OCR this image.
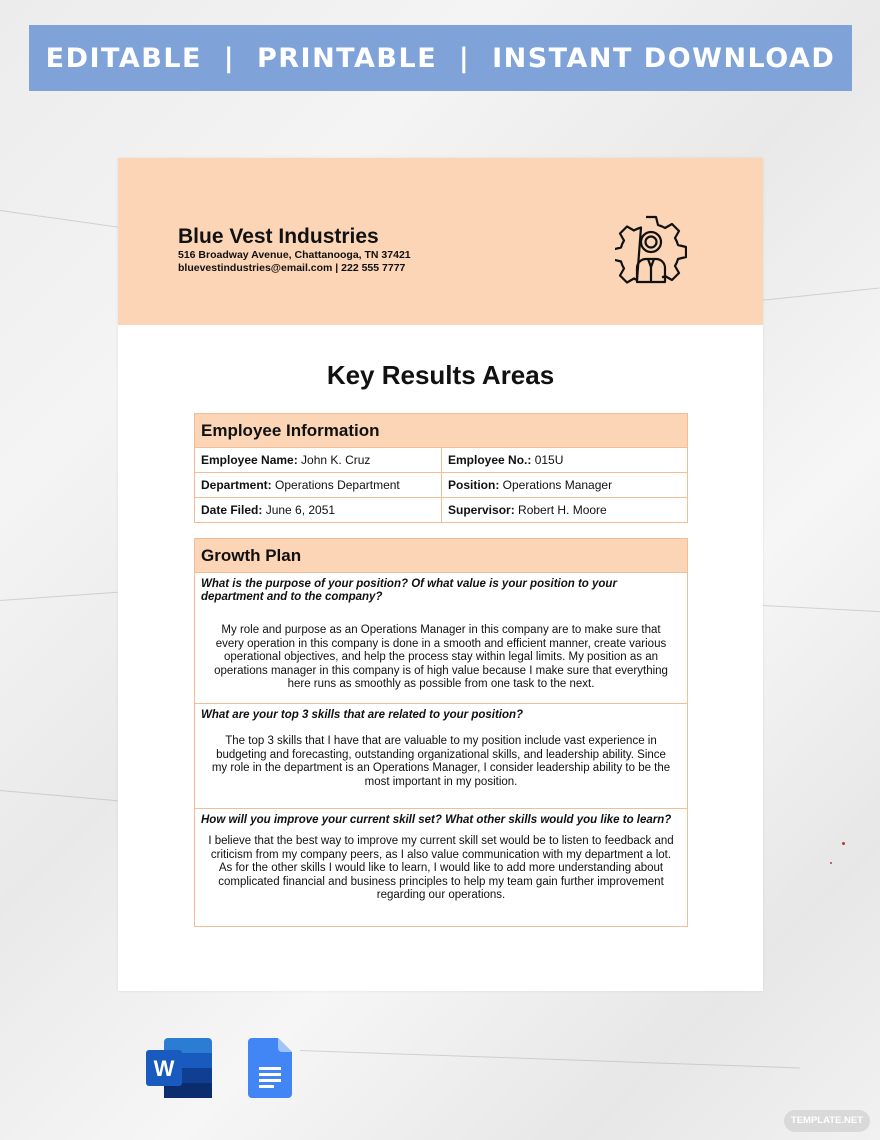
EDITABLE  |  PRINTABLE  |  INSTANT DOWNLOAD
Blue Vest Industries
516 Broadway Avenue, Chattanooga, TN 37421
bluevestindustries@email.com | 222 555 7777
Key Results Areas
Employee Information
Employee Name: John K. Cruz	Employee No.: 015U
Department: Operations Department	Position: Operations Manager
Date Filed: June 6, 2051	Supervisor: Robert H. Moore
Growth Plan
What is the purpose of your position? Of what value is your position to your department and to the company?
My role and purpose as an Operations Manager in this company are to make sure that every operation in this company is done in a smooth and efficient manner, create various operational objectives, and help the process stay within legal limits. My position as an operations manager in this company is of high value because I make sure that everything here runs as smoothly as possible from one task to the next.
What are your top 3 skills that are related to your position?
The top 3 skills that I have that are valuable to my position include vast experience in budgeting and forecasting, outstanding organizational skills, and leadership ability. Since my role in the department is an Operations Manager, I consider leadership ability to be the most important in my position.
How will you improve your current skill set? What other skills would you like to learn?
I believe that the best way to improve my current skill set would be to listen to feedback and criticism from my company peers, as I also value communication with my department a lot. As for the other skills I would like to learn, I would like to add more understanding about complicated financial and business principles to help my team gain further improvement regarding our operations.
W
TEMPLATE.NET
